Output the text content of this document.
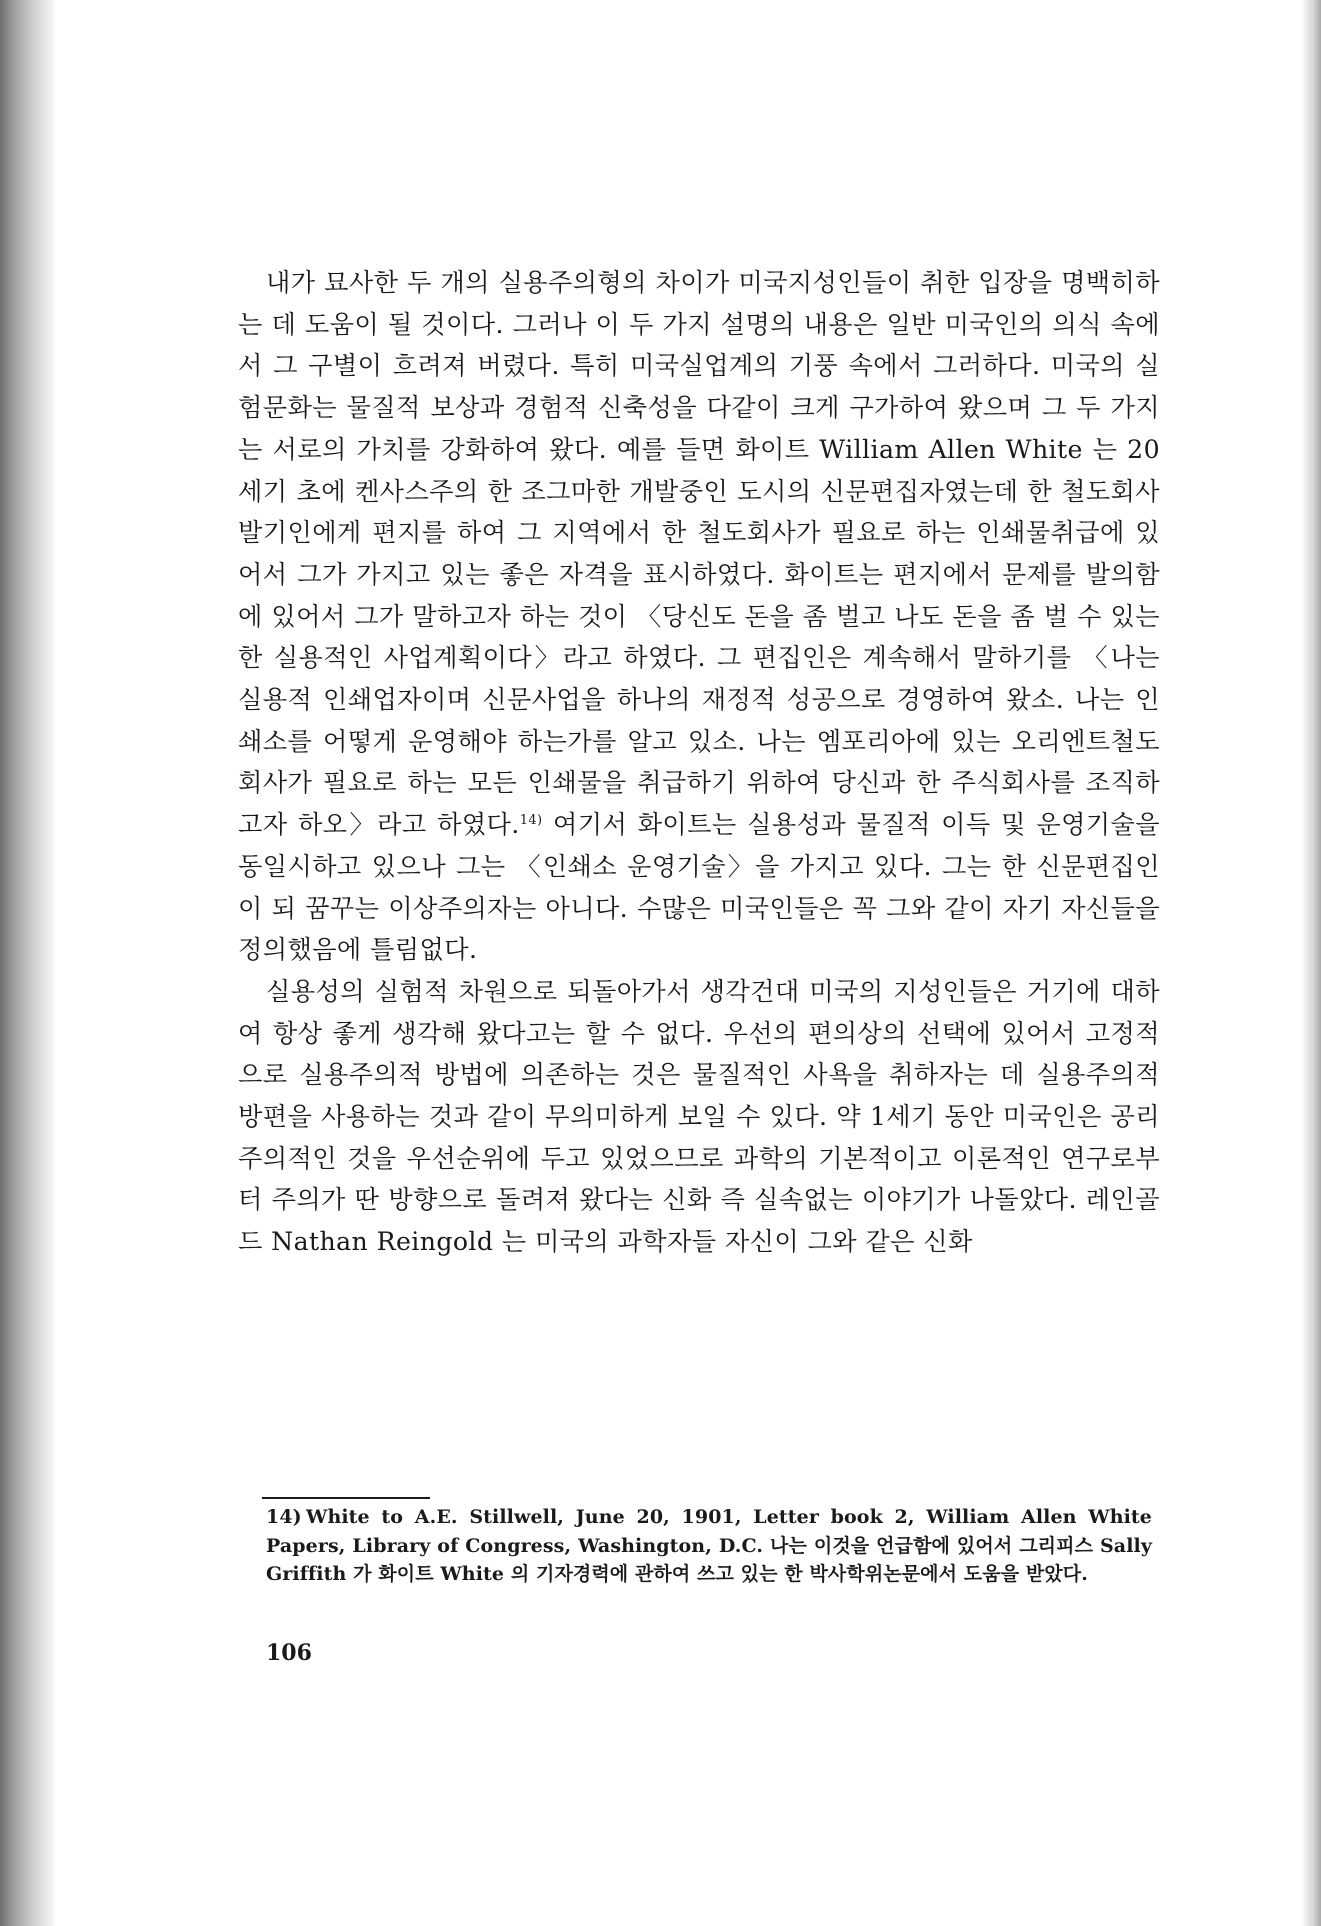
내가 묘사한 두 개의 실용주의형의 차이가 미국지성인들이 취한 입장을 명백히하는 데 도움이 될 것이다. 그러나 이 두 가지 설명의 내용은 일반 미국인의 의식 속에서 그 구별이 흐려져 버렸다. 특히 미국실업계의 기풍 속에서 그러하다. 미국의 실험문화는 물질적 보상과 경험적 신축성을 다같이 크게 구가하여 왔으며 그 두 가지는 서로의 가치를 강화하여 왔다. 예를 들면 화이트 William Allen White 는 20세기 초에 켄사스주의 한 조그마한 개발중인 도시의 신문편집자였는데 한 철도회사 발기인에게 편지를 하여 그 지역에서 한 철도회사가 필요로 하는 인쇄물취급에 있어서 그가 가지고 있는 좋은 자격을 표시하였다. 화이트는 편지에서 문제를 발의함에 있어서 그가 말하고자 하는 것이 〈당신도 돈을 좀 벌고 나도 돈을 좀 벌 수 있는 한 실용적인 사업계획이다〉라고 하였다. 그 편집인은 계속해서 말하기를 〈나는 실용적 인쇄업자이며 신문사업을 하나의 재정적 성공으로 경영하여 왔소. 나는 인쇄소를 어떻게 운영해야 하는가를 알고 있소. 나는 엠포리아에 있는 오리엔트철도회사가 필요로 하는 모든 인쇄물을 취급하기 위하여 당신과 한 주식회사를 조직하고자 하오〉라고 하였다.$^{14)}$ 여기서 화이트는 실용성과 물질적 이득 및 운영기술을 동일시하고 있으나 그는 〈인쇄소 운영기술〉을 가지고 있다. 그는 한 신문편집인이 되 꿈꾸는 이상주의자는 아니다. 수많은 미국인들은 꼭 그와 같이 자기 자신들을 정의했음에 틀림없다.

실용성의 실험적 차원으로 되돌아가서 생각건대 미국의 지성인들은 거기에 대하여 항상 좋게 생각해 왔다고는 할 수 없다. 우선의 편의상의 선택에 있어서 고정적으로 실용주의적 방법에 의존하는 것은 물질적인 사욕을 취하자는 데 실용주의적 방편을 사용하는 것과 같이 무의미하게 보일 수 있다. 약 1세기 동안 미국인은 공리주의적인 것을 우선순위에 두고 있었으므로 과학의 기본적이고 이론적인 연구로부터 주의가 딴 방향으로 돌려져 왔다는 신화 즉 실속없는 이야기가 나돌았다. 레인골드 Nathan Reingold 는 미국의 과학자들 자신이 그와 같은 신화

14) White to A.E. Stillwell, June 20, 1901, Letter book 2, William Allen White Papers, Library of Congress, Washington, D.C. 나는 이것을 언급함에 있어서 그리피스 Sally Griffith 가 화이트 White 의 기자경력에 관하여 쓰고 있는 한 박사학위논문에서 도움을 받았다.

106
